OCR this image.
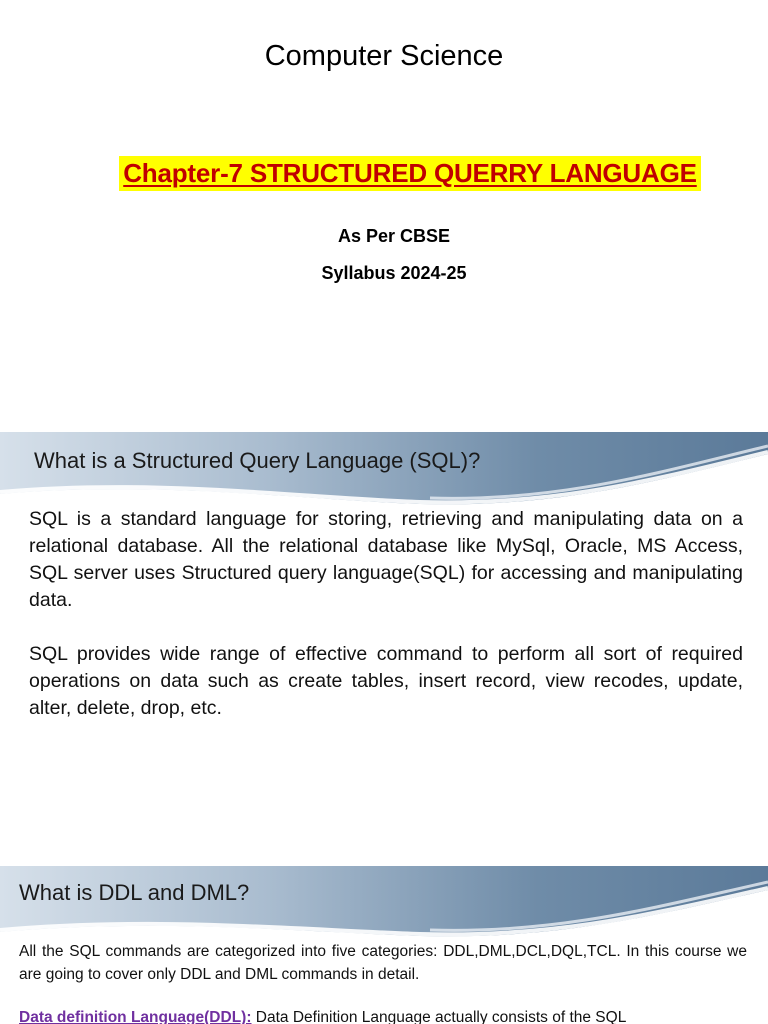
Computer Science
Chapter-7 STRUCTURED QUERRY LANGUAGE
As Per CBSE
Syllabus 2024-25
What is a Structured Query Language (SQL)?

SQL is a standard language for storing, retrieving and manipulating data on a relational database. All the relational database like MySql, Oracle, MS Access, SQL server uses Structured query language(SQL) for accessing and manipulating data.

SQL provides wide range of effective command to perform all sort of required operations on data such as create tables, insert record, view recodes, update, alter, delete, drop, etc.

What is DDL and DML?

All the SQL commands are categorized into five categories: DDL,DML,DCL,DQL,TCL. In this course we are going to cover only DDL and DML commands in detail.

Data definition Language(DDL): Data Definition Language actually consists of the SQL
